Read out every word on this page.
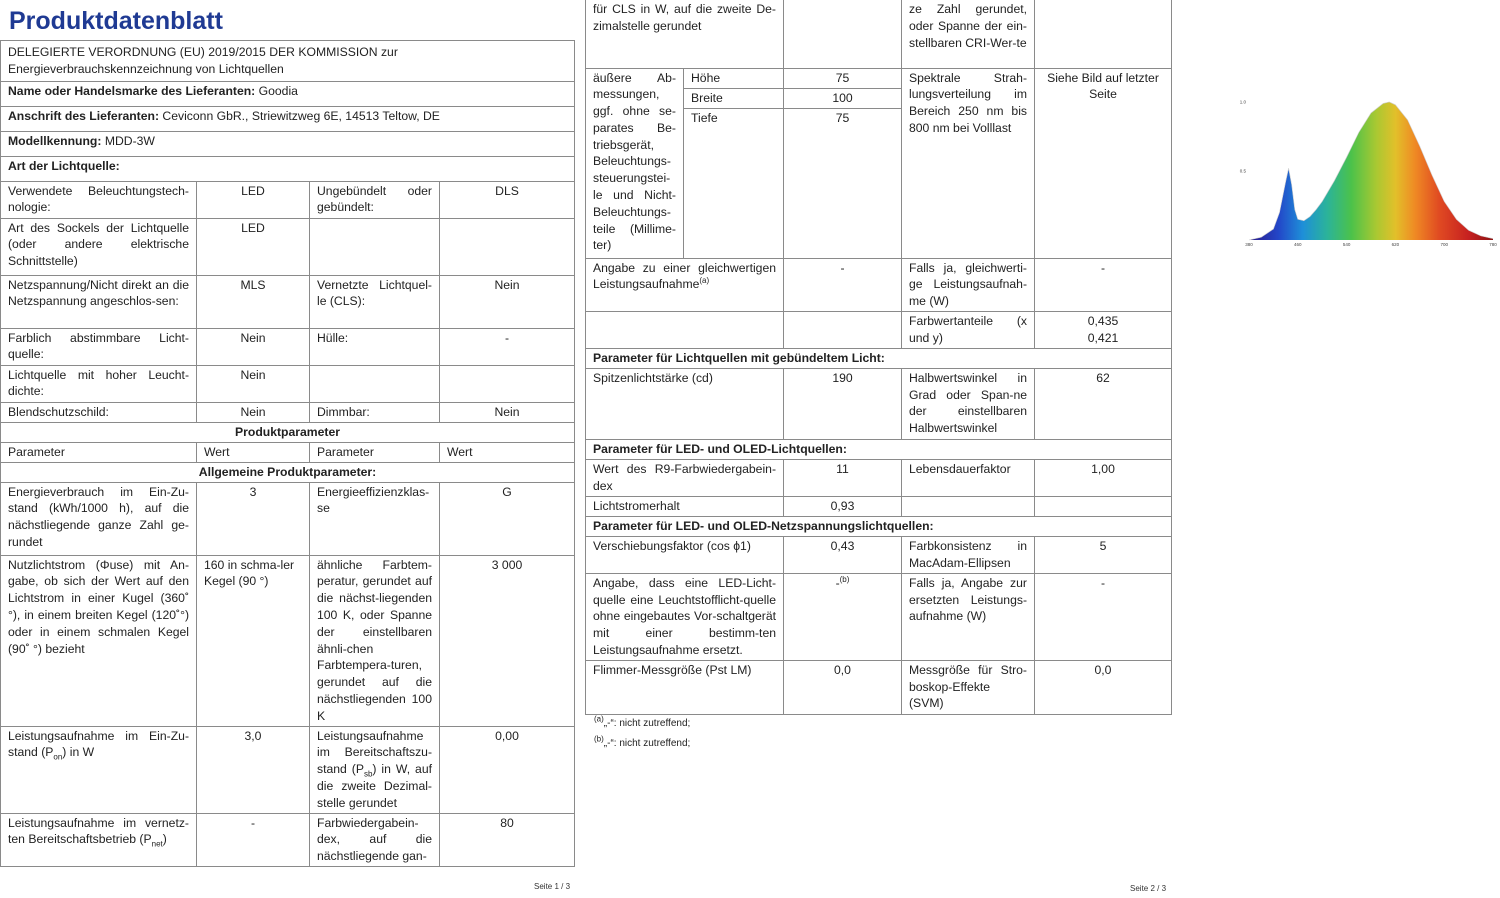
Produktdatenblatt
DELEGIERTE VERORDNUNG (EU) 2019/2015 DER KOMMISSION zur Energieverbrauchskennzeichnung von Lichtquellen			
Name oder Handelsmarke des Lieferanten: Goodia			
Anschrift des Lieferanten: Ceviconn GbR., Striewitzweg 6E, 14513 Teltow, DE			
Modellkennung: MDD-3W			
Art der Lichtquelle:			
Verwendete Beleuchtungstech-nologie:	LED	Ungebündelt oder gebündelt:	DLS
Art des Sockels der Lichtquelle (oder andere elektrische Schnittstelle)	LED		
Netzspannung/Nicht direkt an die Netzspannung angeschlos-sen:	MLS	Vernetzte Lichtquel-le (CLS):	Nein
Farblich abstimmbare Licht-quelle:	Nein	Hülle:	-
Lichtquelle mit hoher Leucht-dichte:	Nein		
Blendschutzschild:	Nein	Dimmbar:	Nein
Produktparameter			
Parameter	Wert	Parameter	Wert
Allgemeine Produktparameter:			
Energieverbrauch im Ein-Zu-stand (kWh/1000 h), auf die nächstliegende ganze Zahl ge-rundet	3	Energieeffizienzklas-se	G
Nutzlichtstrom (Φuse) mit An-gabe, ob sich der Wert auf den Lichtstrom in einer Kugel (360˚ °), in einem breiten Kegel (120˚°) oder in einem schmalen Kegel (90˚ °) bezieht	160 in schma-ler Kegel (90 °)	ähnliche Farbtem-peratur, gerundet auf die nächst-liegenden 100 K, oder Spanne der einstellbaren ähnli-chen Farbtempera-turen, gerundet auf die nächstliegenden 100 K	3 000
Leistungsaufnahme im Ein-Zu-stand $(P_{on})$ in W	3,0	Leistungsaufnahme im Bereitschaftszu-stand $(P_{sb})$ in W, auf die zweite Dezimal-stelle gerundet	0,00
Leistungsaufnahme im vernetz-ten Bereitschaftsbetrieb $(P_{net})$	-	Farbwiedergabein-dex, auf die nächstliegende gan-	80
Seite 1 / 3
für CLS in W, auf die zweite De-zimalstelle gerundet			ze Zahl gerundet, oder Spanne der ein-stellbaren CRI-Wer-te	
äußere Ab-messungen, ggf. ohne se-parates Be-triebsgerät, Beleuchtungs-steuerungstei-le und Nicht-Beleuchtungs-teile (Millime-ter)	Höhe	75	Spektrale Strah-lungsverteilung im Bereich 250 nm bis 800 nm bei Volllast	Siehe Bild auf letzter Seite
	Breite	100		
	Tiefe	75		
Angabe zu einer gleichwertigen Leistungsaufnahme$^{(a)}$		-	Falls ja, gleichwerti-ge Leistungsaufnah-me (W)	-
			Farbwertanteile (x und y)	0,435
0,421

Parameter für Lichtquellen mit gebündeltem Licht:				
Spitzenlichtstärke (cd)		190	Halbwertswinkel in Grad oder Span-ne der einstellbaren Halbwertswinkel	62
Parameter für LED- und OLED-Lichtquellen:				
Wert des R9-Farbwiedergabein-dex		11	Lebensdauerfaktor	1,00
Lichtstromerhalt		0,93		
Parameter für LED- und OLED-Netzspannungslichtquellen:				
Verschiebungsfaktor (cos ϕ1)		0,43	Farbkonsistenz in MacAdam-Ellipsen	5
Angabe, dass eine LED-Licht-quelle eine Leuchtstofflicht-quelle ohne eingebautes Vor-schaltgerät mit einer bestimm-ten Leistungsaufnahme ersetzt.		-$^{(b)}$	Falls ja, Angabe zur ersetzten Leistungs-aufnahme (W)	-
Flimmer-Messgröße (Pst LM)		0,0	Messgröße für Stro-boskop-Effekte (SVM)	0,0
$^{(a)}$„-“: nicht zutreffend;
$^{(b)}$„-“: nicht zutreffend;
Seite 2 / 3
1.0
0.5
380	460	540	620	700	780
